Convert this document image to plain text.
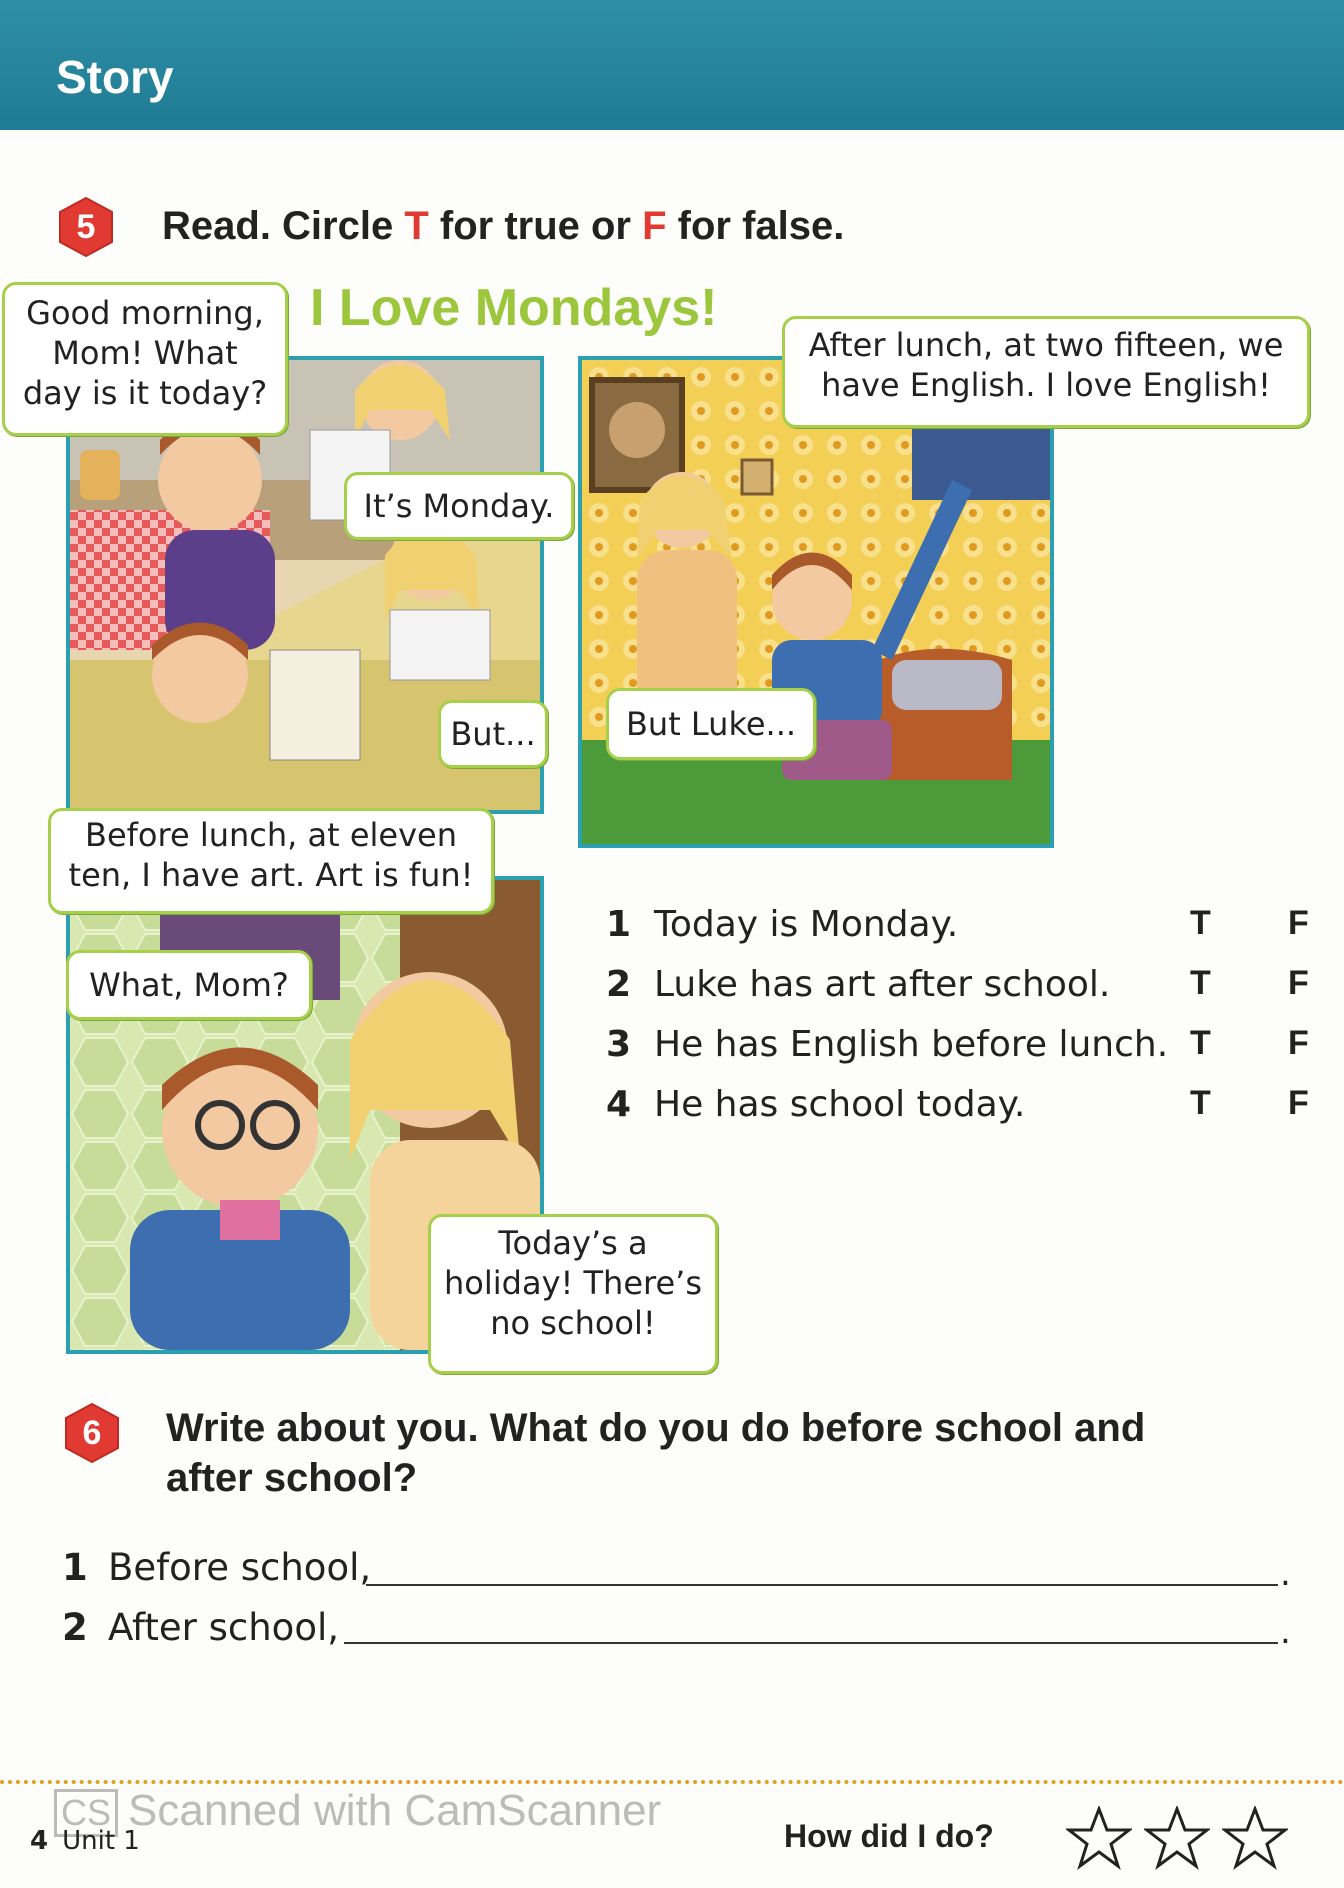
Story
5	Read. Circle T for true or F for false.
I Love Mondays!
Good morning,
Mom! What
day is it today?
It’s Monday.
But...
Before lunch, at eleven
ten, I have art. Art is fun!
After lunch, at two fifteen, we
have English. I love English!
But Luke...
What, Mom?
Today’s a
holiday! There’s
no school!
1 Today is Monday.	T F
2 Luke has art after school. T F
3 He has English before lunch. T F
4 He has school today.	T F
6	Write about you. What do you do before school and
after school?
1 Before school,	.
2 After school,	.
CS Scanned with CamScanner
4 Unit 1	How did I do?
